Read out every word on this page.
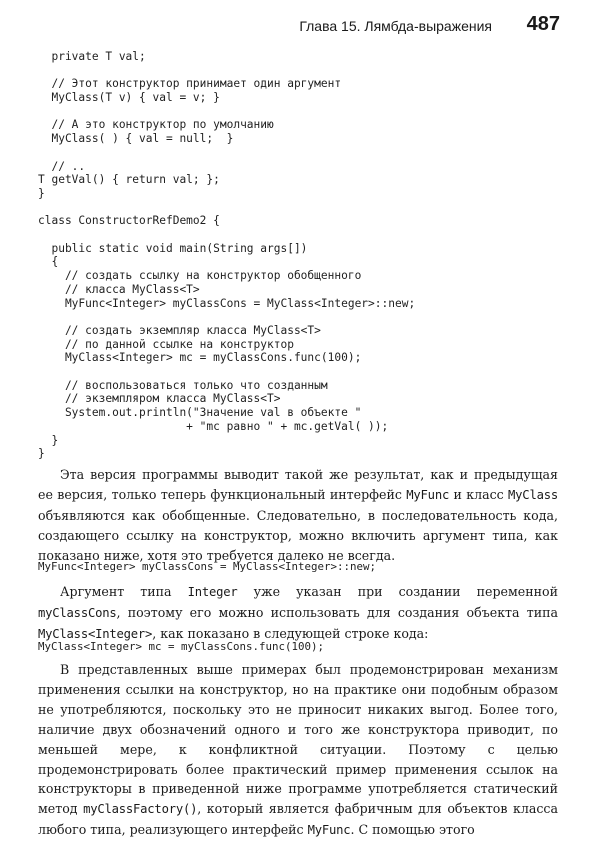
Глава 15. Лямбда-выражения 487
private T val;

// Этот конструктор принимает один аргумент
MyClass(T v) { val = v; }

// А это конструктор по умолчанию
MyClass( ) { val = null;  }

// ..
T getVal() { return val; };
}

class ConstructorRefDemo2 {

public static void main(String args[])
{
// создать ссылку на конструктор обобщенного
// класса MyClass<T>
MyFunc<Integer> myClassCons = MyClass<Integer>::new;

// создать экземпляр класса MyClass<T>
// по данной ссылке на конструктор
MyClass<Integer> mc = myClassCons.func(100);

// воспользоваться только что созданным
// экземпляром класса MyClass<T>
System.out.println("Значение val в объекте "
+ "mc равно " + mc.getVal( ));
}
}

Эта версия программы выводит такой же результат, как и предыдущая ее версия, только теперь функциональный интерфейс MyFunc и класс MyClass объявляются как обобщенные. Следовательно, в последовательность кода, создающего ссылку на конструктор, можно включить аргумент типа, как показано ниже, хотя это требуется далеко не всегда.

MyFunc<Integer> myClassCons = MyClass<Integer>::new;

Аргумент типа Integer уже указан при создании переменной myClassCons, поэтому его можно использовать для создания объекта типа MyClass<Integer>, как показано в следующей строке кода:

MyClass<Integer> mc = myClassCons.func(100);

В представленных выше примерах был продемонстрирован механизм применения ссылки на конструктор, но на практике они подобным образом не употребляются, поскольку это не приносит никаких выгод. Более того, наличие двух обозначений одного и того же конструктора приводит, по меньшей мере, к конфликтной ситуации. Поэтому с целью продемонстрировать более практический пример применения ссылок на конструкторы в приведенной ниже программе употребляется статический метод myClassFactory(), который является фабричным для объектов класса любого типа, реализующего интерфейс MyFunc. С помощью этого
